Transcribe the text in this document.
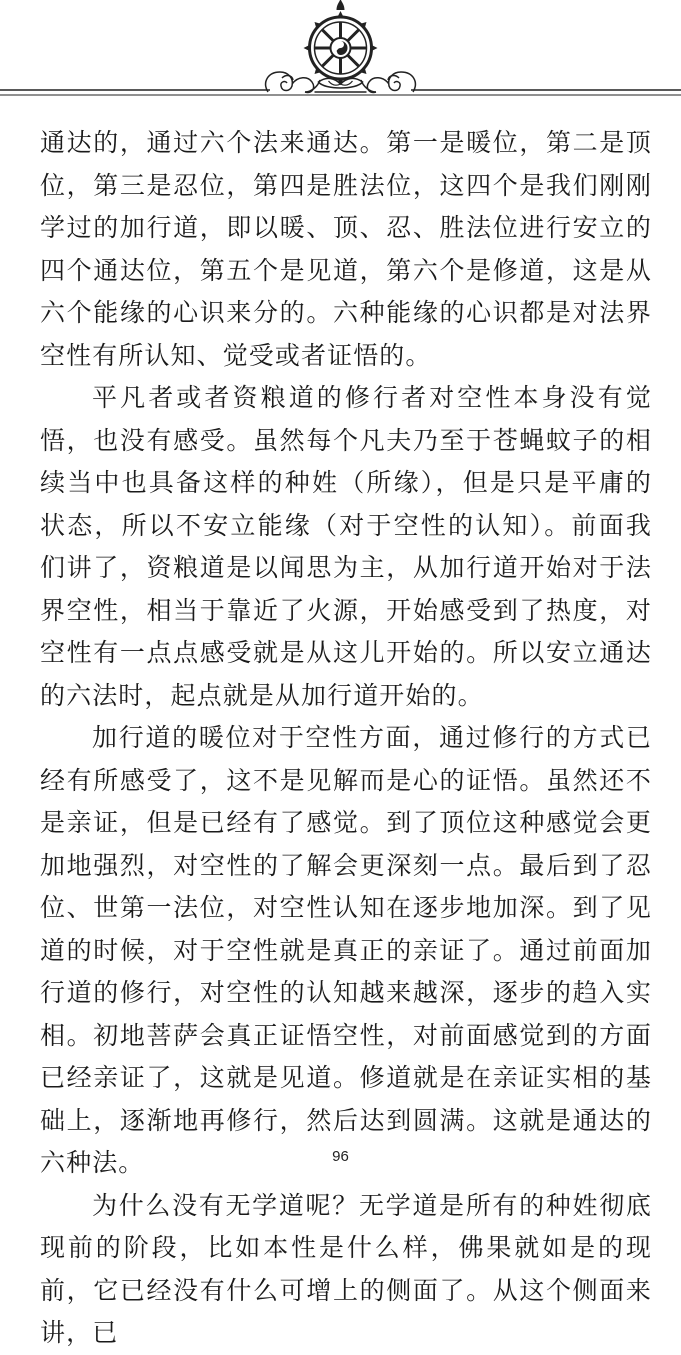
通达的，通过六个法来通达。第一是暖位，第二是顶位，第三是忍位，第四是胜法位，这四个是我们刚刚学过的加行道，即以暖、顶、忍、胜法位进行安立的四个通达位，第五个是见道，第六个是修道，这是从六个能缘的心识来分的。六种能缘的心识都是对法界空性有所认知、觉受或者证悟的。

平凡者或者资粮道的修行者对空性本身没有觉悟，也没有感受。虽然每个凡夫乃至于苍蝇蚊子的相续当中也具备这样的种姓（所缘），但是只是平庸的状态，所以不安立能缘（对于空性的认知）。前面我们讲了，资粮道是以闻思为主，从加行道开始对于法界空性，相当于靠近了火源，开始感受到了热度，对空性有一点点感受就是从这儿开始的。所以安立通达的六法时，起点就是从加行道开始的。

加行道的暖位对于空性方面，通过修行的方式已经有所感受了，这不是见解而是心的证悟。虽然还不是亲证，但是已经有了感觉。到了顶位这种感觉会更加地强烈，对空性的了解会更深刻一点。最后到了忍位、世第一法位，对空性认知在逐步地加深。到了见道的时候，对于空性就是真正的亲证了。通过前面加行道的修行，对空性的认知越来越深，逐步的趋入实相。初地菩萨会真正证悟空性，对前面感觉到的方面已经亲证了，这就是见道。修道就是在亲证实相的基础上，逐渐地再修行，然后达到圆满。这就是通达的六种法。

为什么没有无学道呢？无学道是所有的种姓彻底现前的阶段，比如本性是什么样，佛果就如是的现前，它已经没有什么可增上的侧面了。从这个侧面来讲，已

96
